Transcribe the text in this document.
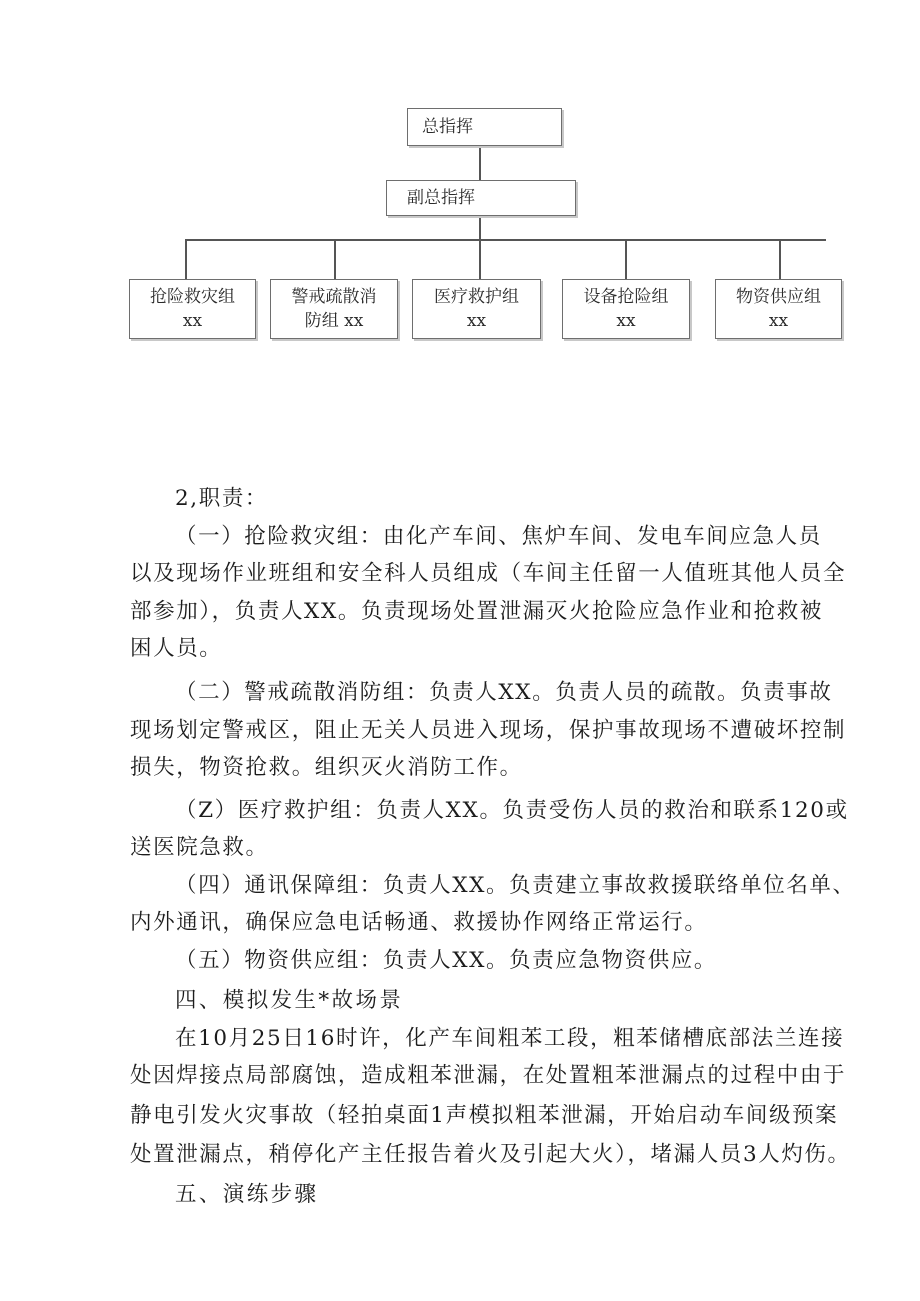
总指挥
副总指挥
抢险救灾组
xx
警戒疏散消
防组 xx
医疗救护组
xx
设备抢险组
xx
物资供应组
xx
2,职责：
（一）抢险救灾组：由化产车间、焦炉车间、发电车间应急人员
以及现场作业班组和安全科人员组成（车间主任留一人值班其他人员全
部参加），负责人XX。负责现场处置泄漏灭火抢险应急作业和抢救被
困人员。
（二）警戒疏散消防组：负责人XX。负责人员的疏散。负责事故
现场划定警戒区，阻止无关人员进入现场，保护事故现场不遭破坏控制
损失，物资抢救。组织灭火消防工作。
（Z）医疗救护组：负责人XX。负责受伤人员的救治和联系120或
送医院急救。
（四）通讯保障组：负责人XX。负责建立事故救援联络单位名单、
内外通讯，确保应急电话畅通、救援协作网络正常运行。
（五）物资供应组：负责人XX。负责应急物资供应。
四、模拟发生*故场景
在10月25日16时许，化产车间粗苯工段，粗苯储槽底部法兰连接
处因焊接点局部腐蚀，造成粗苯泄漏，在处置粗苯泄漏点的过程中由于
静电引发火灾事故（轻拍桌面1声模拟粗苯泄漏，开始启动车间级预案
处置泄漏点，稍停化产主任报告着火及引起大火），堵漏人员3人灼伤。
五、演练步骤
